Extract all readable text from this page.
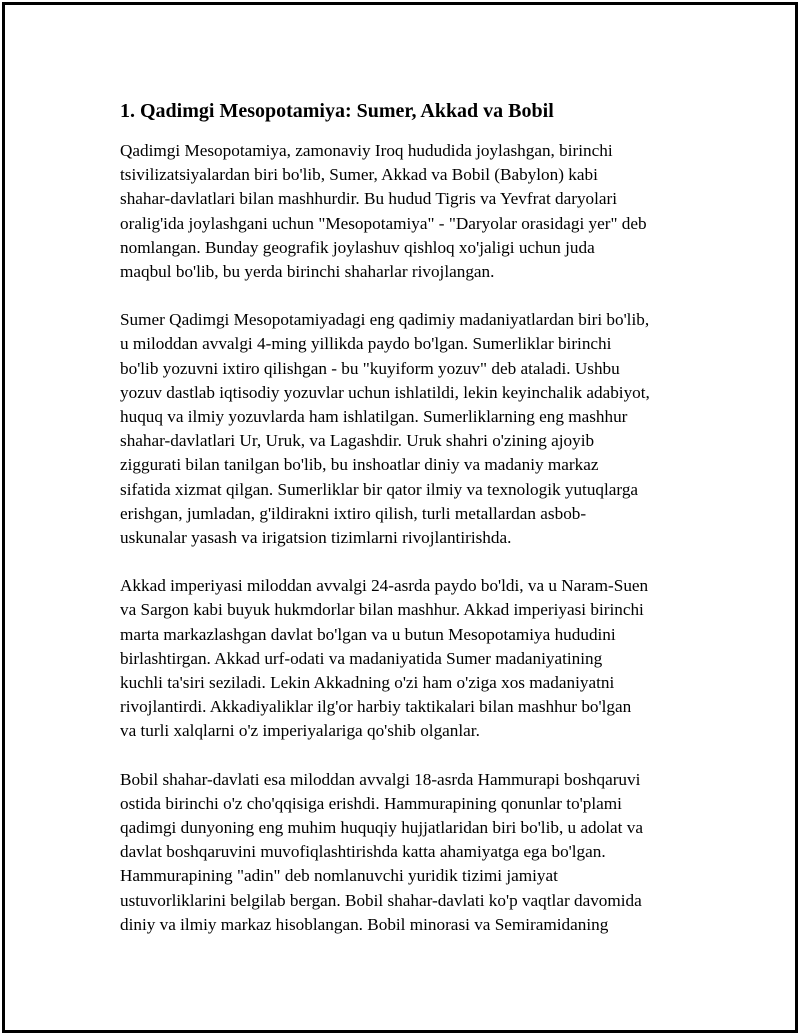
1. Qadimgi Mesopotamiya: Sumer, Akkad va Bobil

Qadimgi Mesopotamiya, zamonaviy Iroq hududida joylashgan, birinchi
tsivilizatsiyalardan biri bo'lib, Sumer, Akkad va Bobil (Babylon) kabi
shahar-davlatlari bilan mashhurdir. Bu hudud Tigris va Yevfrat daryolari
oralig'ida joylashgani uchun "Mesopotamiya" - "Daryolar orasidagi yer" deb
nomlangan. Bunday geografik joylashuv qishloq xo'jaligi uchun juda
maqbul bo'lib, bu yerda birinchi shaharlar rivojlangan.

Sumer Qadimgi Mesopotamiyadagi eng qadimiy madaniyatlardan biri bo'lib,
u miloddan avvalgi 4-ming yillikda paydo bo'lgan. Sumerliklar birinchi
bo'lib yozuvni ixtiro qilishgan - bu "kuyiform yozuv" deb ataladi. Ushbu
yozuv dastlab iqtisodiy yozuvlar uchun ishlatildi, lekin keyinchalik adabiyot,
huquq va ilmiy yozuvlarda ham ishlatilgan. Sumerliklarning eng mashhur
shahar-davlatlari Ur, Uruk, va Lagashdir. Uruk shahri o'zining ajoyib
ziggurati bilan tanilgan bo'lib, bu inshoatlar diniy va madaniy markaz
sifatida xizmat qilgan. Sumerliklar bir qator ilmiy va texnologik yutuqlarga
erishgan, jumladan, g'ildirakni ixtiro qilish, turli metallardan asbob-
uskunalar yasash va irigatsion tizimlarni rivojlantirishda.

Akkad imperiyasi miloddan avvalgi 24-asrda paydo bo'ldi, va u Naram-Suen
va Sargon kabi buyuk hukmdorlar bilan mashhur. Akkad imperiyasi birinchi
marta markazlashgan davlat bo'lgan va u butun Mesopotamiya hududini
birlashtirgan. Akkad urf-odati va madaniyatida Sumer madaniyatining
kuchli ta'siri seziladi. Lekin Akkadning o'zi ham o'ziga xos madaniyatni
rivojlantirdi. Akkadiyaliklar ilg'or harbiy taktikalari bilan mashhur bo'lgan
va turli xalqlarni o'z imperiyalariga qo'shib olganlar.

Bobil shahar-davlati esa miloddan avvalgi 18-asrda Hammurapi boshqaruvi
ostida birinchi o'z cho'qqisiga erishdi. Hammurapining qonunlar to'plami
qadimgi dunyoning eng muhim huquqiy hujjatlaridan biri bo'lib, u adolat va
davlat boshqaruvini muvofiqlashtirishda katta ahamiyatga ega bo'lgan.
Hammurapining "adin" deb nomlanuvchi yuridik tizimi jamiyat
ustuvorliklarini belgilab bergan. Bobil shahar-davlati ko'p vaqtlar davomida
diniy va ilmiy markaz hisoblangan. Bobil minorasi va Semiramidaning
